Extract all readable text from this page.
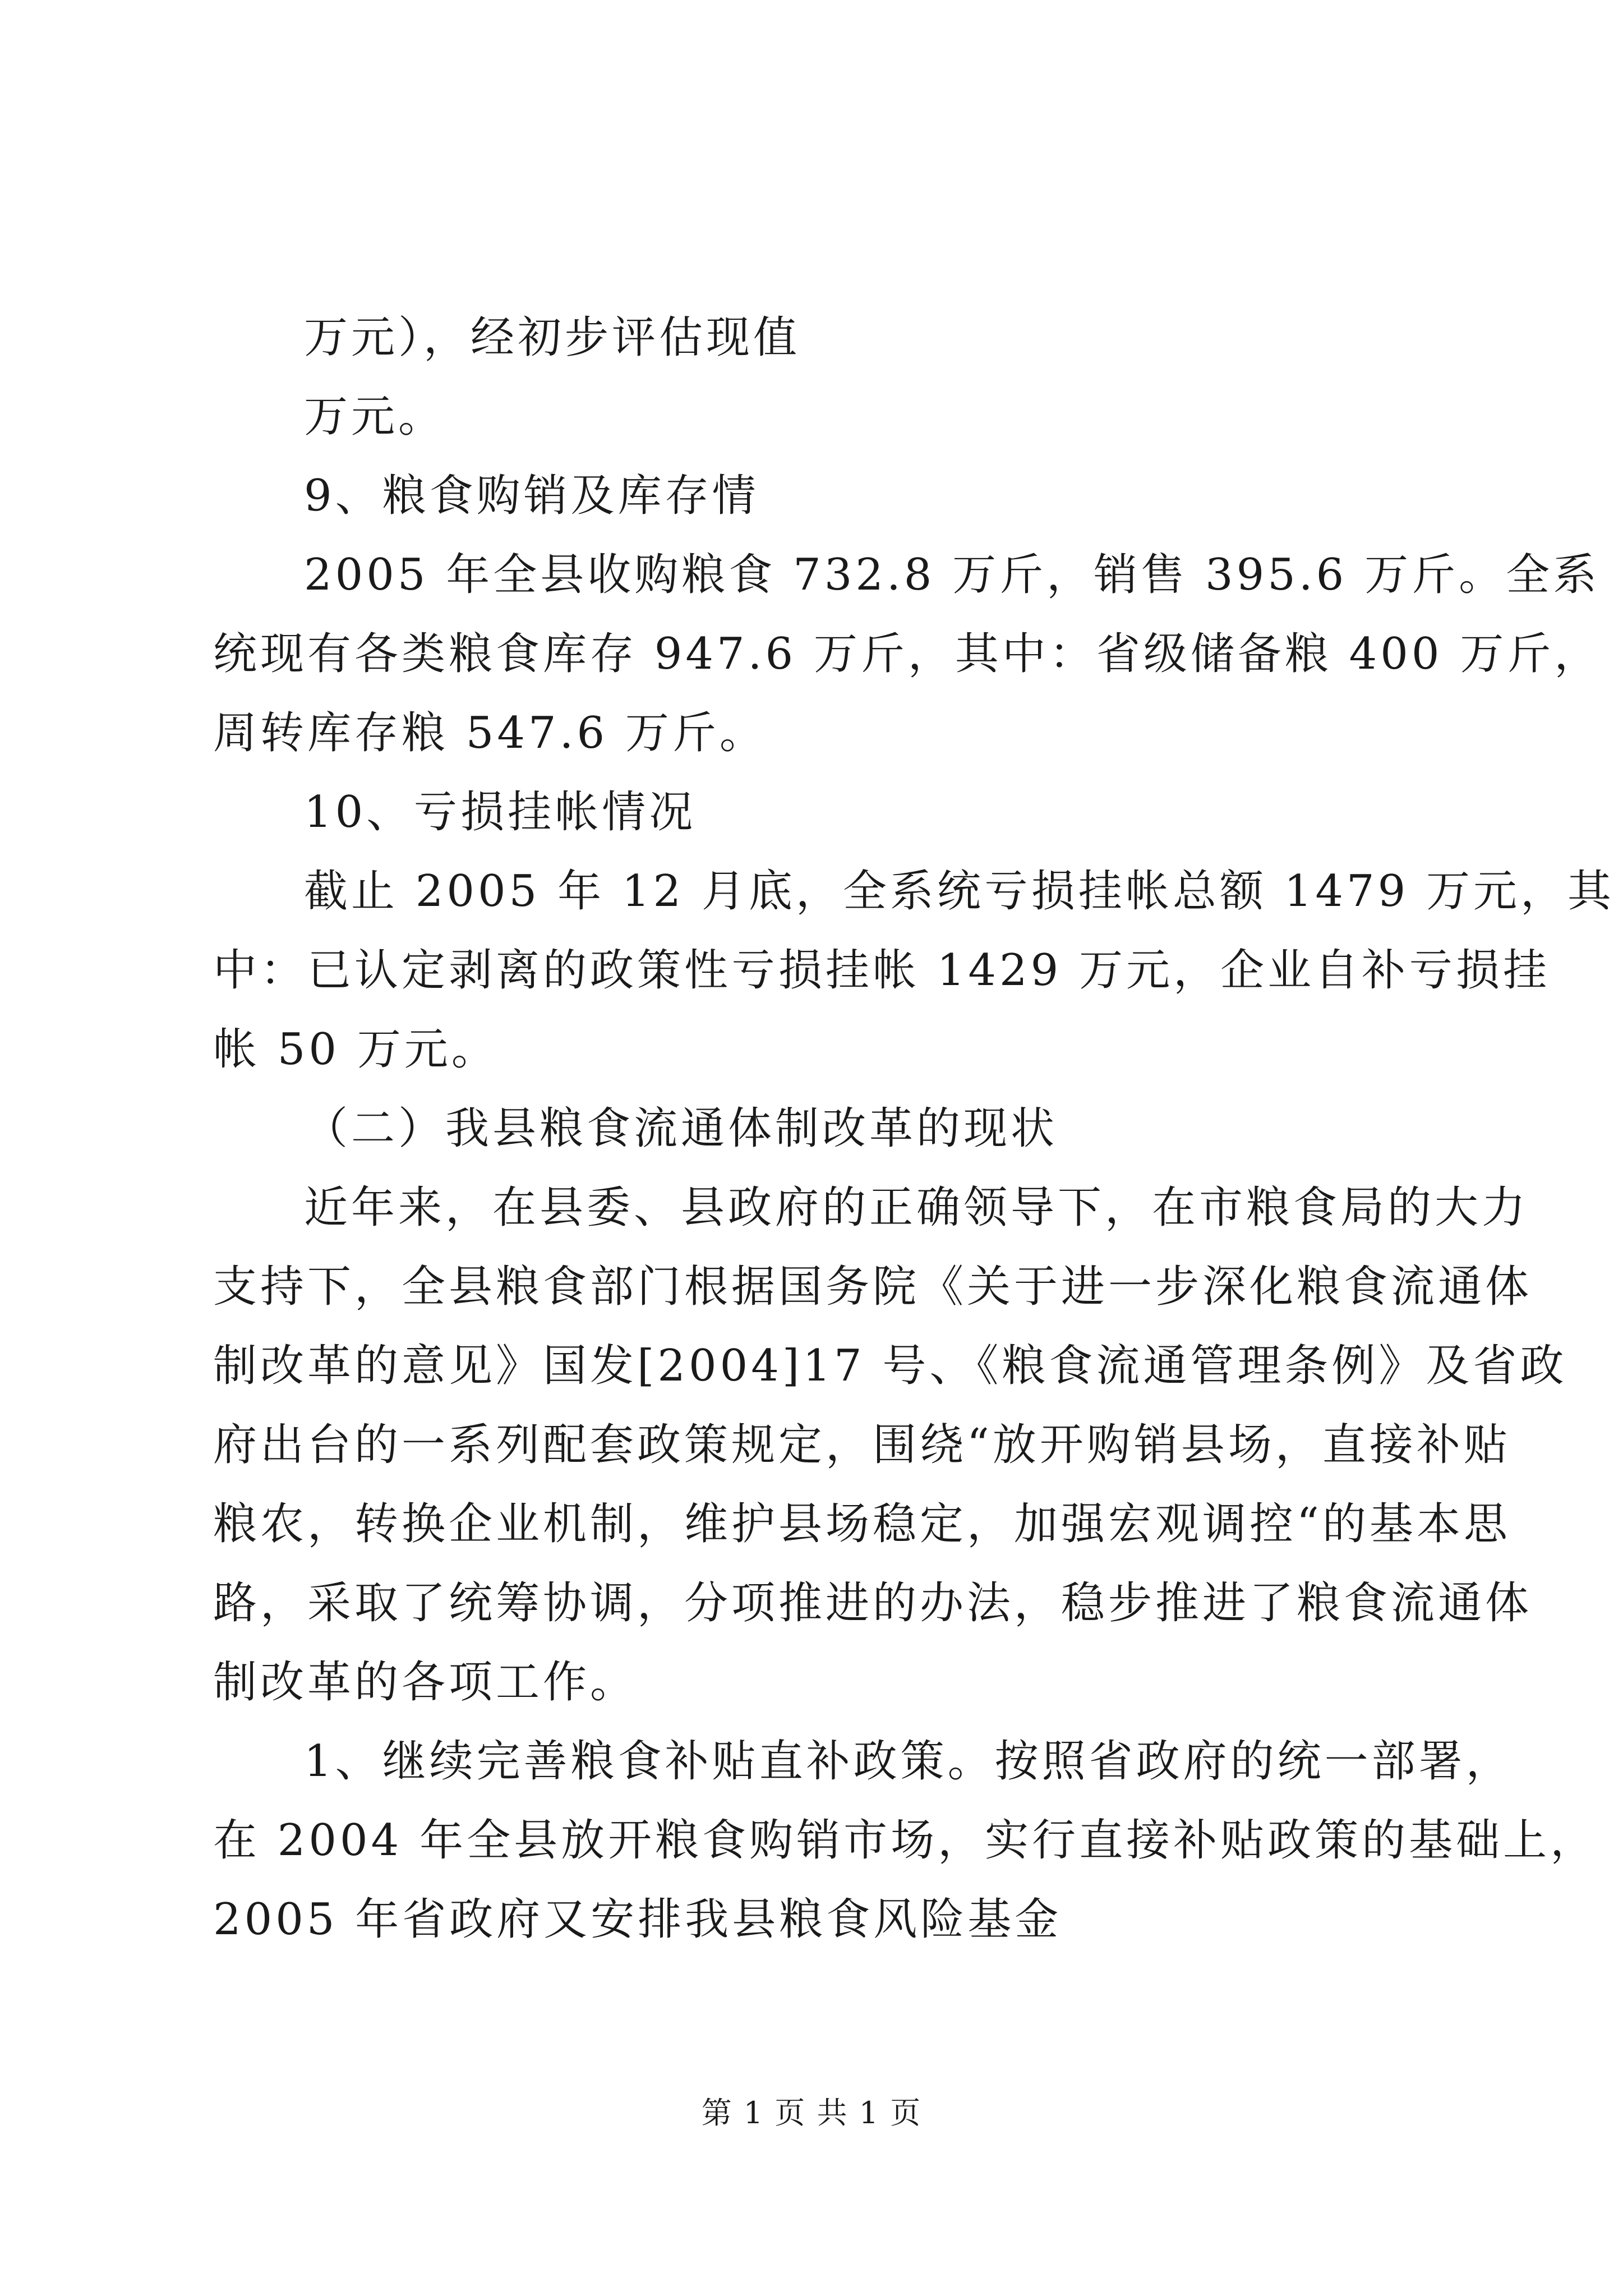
万元），经初步评估现值
万元。
9、粮食购销及库存情
2005 年全县收购粮食 732.8 万斤，销售 395.6 万斤。全系
统现有各类粮食库存 947.6 万斤，其中：省级储备粮 400 万斤，
周转库存粮 547.6 万斤。
10、亏损挂帐情况
截止 2005 年 12 月底，全系统亏损挂帐总额 1479 万元，其
中：已认定剥离的政策性亏损挂帐 1429 万元，企业自补亏损挂
帐 50 万元。
（二）我县粮食流通体制改革的现状
近年来，在县委、县政府的正确领导下，在市粮食局的大力
支持下，全县粮食部门根据国务院《关于进一步深化粮食流通体
制改革的意见》国发[2004]17 号、《粮食流通管理条例》及省政
府出台的一系列配套政策规定，围绕“放开购销县场，直接补贴
粮农，转换企业机制，维护县场稳定，加强宏观调控“的基本思
路，采取了统筹协调，分项推进的办法，稳步推进了粮食流通体
制改革的各项工作。
1、继续完善粮食补贴直补政策。按照省政府的统一部署，
在 2004 年全县放开粮食购销市场，实行直接补贴政策的基础上，
2005 年省政府又安排我县粮食风险基金
第 1 页 共 1 页
